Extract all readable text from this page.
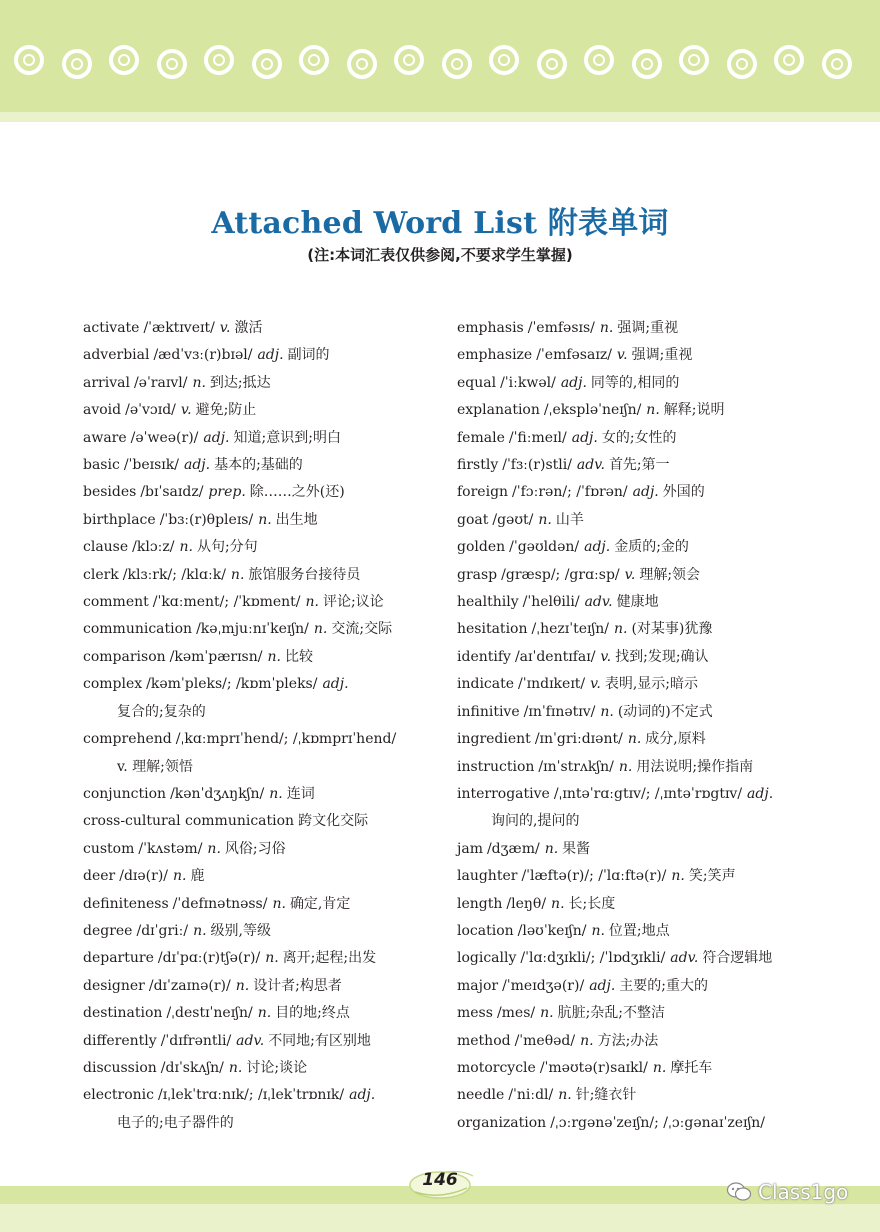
Attached Word List 附表单词
(注:本词汇表仅供参阅,不要求学生掌握)
activate /ˈæktɪveɪt/ v. 激活
adverbial /ædˈvɜː(r)bɪəl/ adj. 副词的
arrival /əˈraɪvl/ n. 到达;抵达
avoid /əˈvɔɪd/ v. 避免;防止
aware /əˈweə(r)/ adj. 知道;意识到;明白
basic /ˈbeɪsɪk/ adj. 基本的;基础的
besides /bɪˈsaɪdz/ prep. 除……之外(还)
birthplace /ˈbɜː(r)θpleɪs/ n. 出生地
clause /klɔːz/ n. 从句;分句
clerk /klɜːrk/; /klɑːk/ n. 旅馆服务台接待员
comment /ˈkɑːment/; /ˈkɒment/ n. 评论;议论
communication /kəˌmjuːnɪˈkeɪʃn/ n. 交流;交际
comparison /kəmˈpærɪsn/ n. 比较
complex /kəmˈpleks/; /kɒmˈpleks/ adj.
复合的;复杂的
comprehend /ˌkɑːmprɪˈhend/; /ˌkɒmprɪˈhend/
v. 理解;领悟
conjunction /kənˈdʒʌŋkʃn/ n. 连词
cross-cultural communication 跨文化交际
custom /ˈkʌstəm/ n. 风俗;习俗
deer /dɪə(r)/ n. 鹿
definiteness /ˈdefɪnətnəss/ n. 确定,肯定
degree /dɪˈgriː/ n. 级别,等级
departure /dɪˈpɑː(r)tʃə(r)/ n. 离开;起程;出发
designer /dɪˈzaɪnə(r)/ n. 设计者;构思者
destination /ˌdestɪˈneɪʃn/ n. 目的地;终点
differently /ˈdɪfrəntli/ adv. 不同地;有区别地
discussion /dɪˈskʌʃn/ n. 讨论;谈论
electronic /ɪˌlekˈtrɑːnɪk/; /ɪˌlekˈtrɒnɪk/ adj.
电子的;电子器件的
emphasis /ˈemfəsɪs/ n. 强调;重视
emphasize /ˈemfəsaɪz/ v. 强调;重视
equal /ˈiːkwəl/ adj. 同等的,相同的
explanation /ˌekspləˈneɪʃn/ n. 解释;说明
female /ˈfiːmeɪl/ adj. 女的;女性的
firstly /ˈfɜː(r)stli/ adv. 首先;第一
foreign /ˈfɔːrən/; /ˈfɒrən/ adj. 外国的
goat /gəʊt/ n. 山羊
golden /ˈgəʊldən/ adj. 金质的;金的
grasp /græsp/; /grɑːsp/ v. 理解;领会
healthily /ˈhelθili/ adv. 健康地
hesitation /ˌhezɪˈteɪʃn/ n. (对某事)犹豫
identify /aɪˈdentɪfaɪ/ v. 找到;发现;确认
indicate /ˈɪndɪkeɪt/ v. 表明,显示;暗示
infinitive /ɪnˈfɪnətɪv/ n. (动词的)不定式
ingredient /ɪnˈgriːdɪənt/ n. 成分,原料
instruction /ɪnˈstrʌkʃn/ n. 用法说明;操作指南
interrogative /ˌɪntəˈrɑːgtɪv/; /ˌɪntəˈrɒgtɪv/ adj.
询问的,提问的
jam /dʒæm/ n. 果酱
laughter /ˈlæftə(r)/; /ˈlɑːftə(r)/ n. 笑;笑声
length /leŋθ/ n. 长;长度
location /ləʊˈkeɪʃn/ n. 位置;地点
logically /ˈlɑːdʒɪkli/; /ˈlɒdʒɪkli/ adv. 符合逻辑地
major /ˈmeɪdʒə(r)/ adj. 主要的;重大的
mess /mes/ n. 肮脏;杂乱;不整洁
method /ˈmeθəd/ n. 方法;办法
motorcycle /ˈməʊtə(r)saɪkl/ n. 摩托车
needle /ˈniːdl/ n. 针;缝衣针
organization /ˌɔːrgənəˈzeɪʃn/; /ˌɔːgənaɪˈzeɪʃn/
146	Class1go
